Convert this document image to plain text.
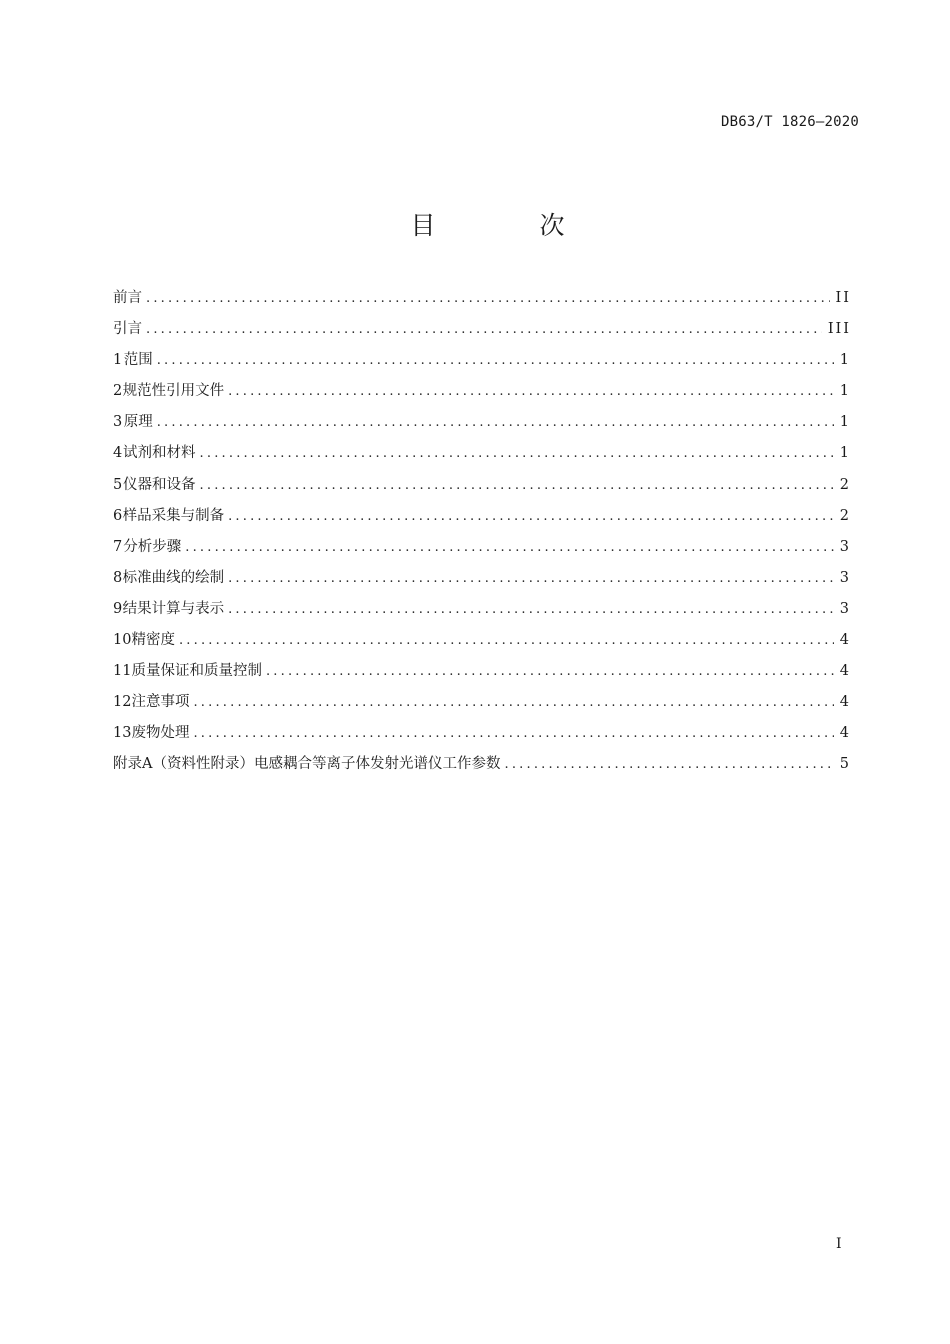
DB63/T 1826—2020
目 次
前言 .....	II
引言 .....	III
1 范围 .....	1
2 规范性引用文件 .....	1
3 原理 .....	1
4 试剂和材料 .....	1
5 仪器和设备 .....	2
6 样品采集与制备 .....	2
7 分析步骤 .....	3
8 标准曲线的绘制 .....	3
9 结果计算与表示 .....	3
10 精密度 .....	4
11 质量保证和质量控制 .....	4
12 注意事项 .....	4
13 废物处理 .....	4
附录A（资料性附录） 电感耦合等离子体发射光谱仪工作参数 .....	5
I
